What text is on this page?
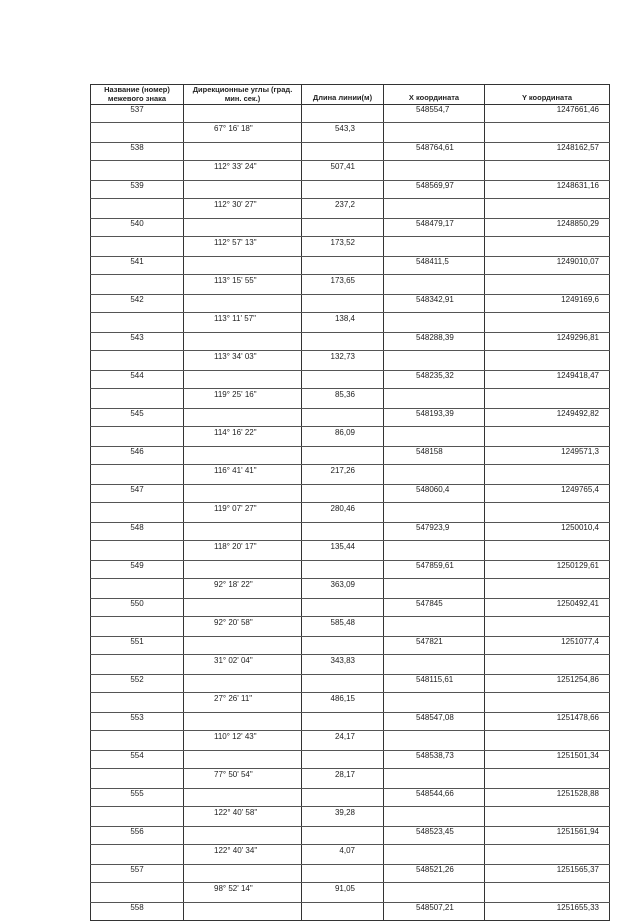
Название (номер) межевого знака	Дирекционные углы (град. мин. сек.)	Длина линии(м)	X координата	Y координата
537			548554,7	1247661,46
	67° 16' 18"	543,3		
538			548764,61	1248162,57
	112° 33' 24"	507,41		
539			548569,97	1248631,16
	112° 30' 27"	237,2		
540			548479,17	1248850,29
	112° 57' 13"	173,52		
541			548411,5	1249010,07
	113° 15' 55"	173,65		
542			548342,91	1249169,6
	113° 11' 57"	138,4		
543			548288,39	1249296,81
	113° 34' 03"	132,73		
544			548235,32	1249418,47
	119° 25' 16"	85,36		
545			548193,39	1249492,82
	114° 16' 22"	86,09		
546			548158	1249571,3
	116° 41' 41"	217,26		
547			548060,4	1249765,4
	119° 07' 27"	280,46		
548			547923,9	1250010,4
	118° 20' 17"	135,44		
549			547859,61	1250129,61
	92° 18' 22"	363,09		
550			547845	1250492,41
	92° 20' 58"	585,48		
551			547821	1251077,4
	31° 02' 04"	343,83		
552			548115,61	1251254,86
	27° 26' 11"	486,15		
553			548547,08	1251478,66
	110° 12' 43"	24,17		
554			548538,73	1251501,34
	77° 50' 54"	28,17		
555			548544,66	1251528,88
	122° 40' 58"	39,28		
556			548523,45	1251561,94
	122° 40' 34"	4,07		
557			548521,26	1251565,37
	98° 52' 14"	91,05		
558			548507,21	1251655,33
